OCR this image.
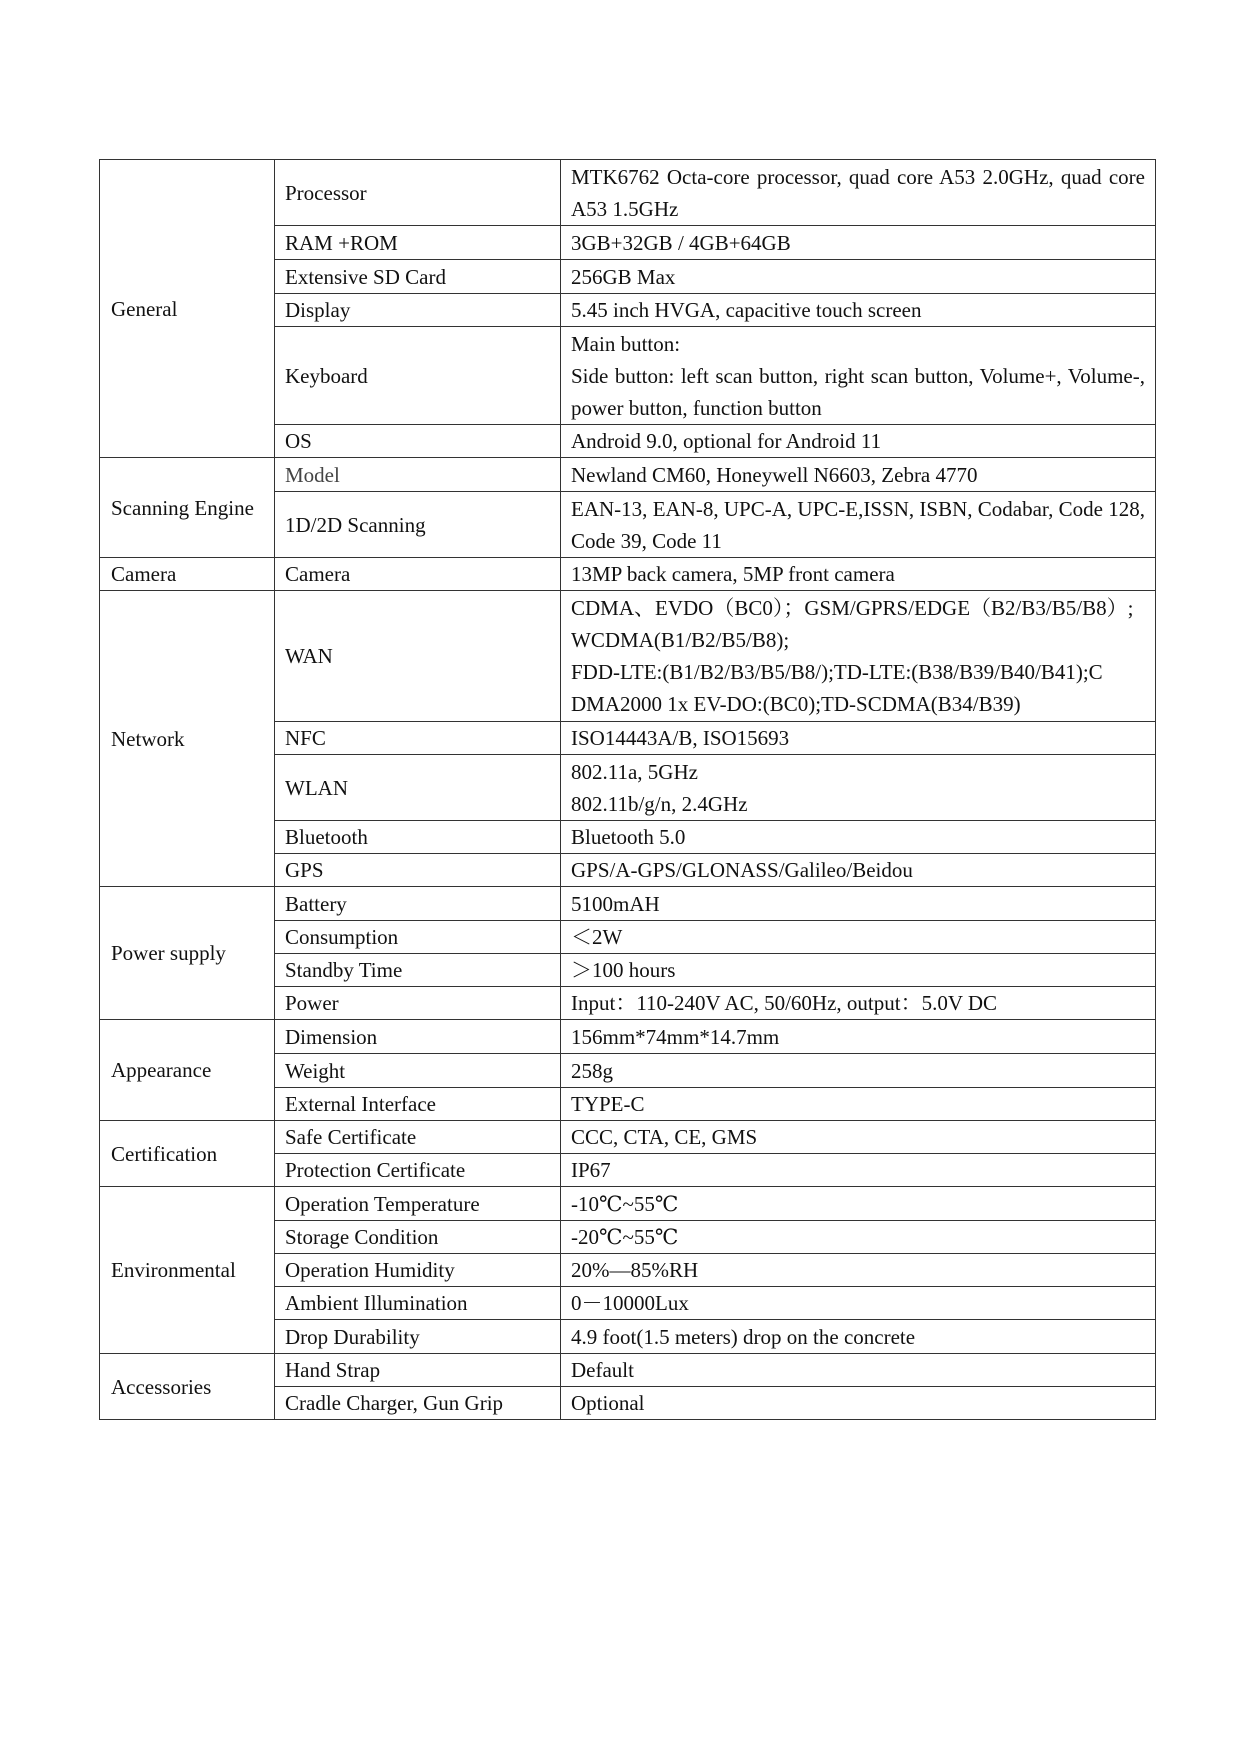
General	Processor	MTK6762 Octa-core processor, quad core A53 2.0GHz, quad core A53 1.5GHz

	RAM +ROM	3GB+32GB / 4GB+64GB

	Extensive SD Card	256GB Max

	Display	5.45 inch HVGA, capacitive touch screen

	Keyboard	Main button:
Side button: left scan button, right scan button, Volume+, Volume-, power button, function button

	OS	Android 9.0, optional for Android 11

Scanning Engine	Model	Newland CM60, Honeywell N6603, Zebra 4770

	1D/2D Scanning	EAN-13, EAN-8, UPC-A, UPC-E,ISSN, ISBN, Codabar, Code 128, Code 39, Code 11

Camera	Camera	13MP back camera, 5MP front camera

Network	WAN	CDMA、EVDO（BC0）；GSM/GPRS/EDGE（B2/B3/B5/B8）;
WCDMA(B1/B2/B5/B8);
FDD-LTE:(B1/B2/B3/B5/B8/);TD-LTE:(B38/B39/B40/B41);C
DMA2000 1x EV-DO:(BC0);TD-SCDMA(B34/B39)

	NFC	ISO14443A/B, ISO15693

	WLAN	802.11a, 5GHz
802.11b/g/n, 2.4GHz

	Bluetooth	Bluetooth 5.0

	GPS	GPS/A-GPS/GLONASS/Galileo/Beidou

Power supply	Battery	5100mAH

	Consumption	＜2W

	Standby Time	＞100 hours

	Power	Input：110-240V AC, 50/60Hz, output：5.0V DC

Appearance	Dimension	156mm*74mm*14.7mm

	Weight	258g

	External Interface	TYPE-C

Certification	Safe Certificate	CCC, CTA, CE, GMS

	Protection Certificate	IP67

Environmental	Operation Temperature	-10℃~55℃

	Storage Condition	-20℃~55℃

	Operation Humidity	20%—85%RH

	Ambient Illumination	0－10000Lux

	Drop Durability	4.9 foot(1.5 meters) drop on the concrete

Accessories	Hand Strap	Default

	Cradle Charger, Gun Grip	Optional
